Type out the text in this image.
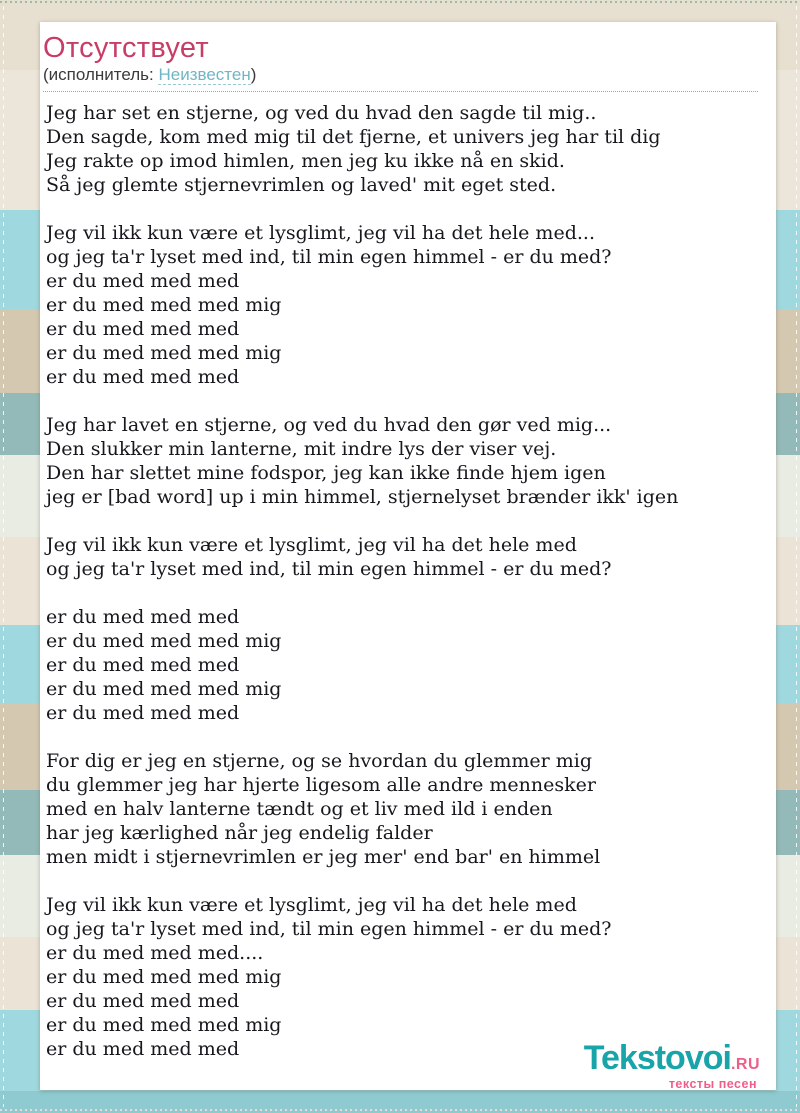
Отсутствует
(исполнитель: Неизвестен)
Jeg har set en stjerne, og ved du hvad den sagde til mig..
Den sagde, kom med mig til det fjerne, et univers jeg har til dig
Jeg rakte op imod himlen, men jeg ku ikke nå en skid.
Så jeg glemte stjernevrimlen og laved' mit eget sted.
Jeg vil ikk kun være et lysglimt, jeg vil ha det hele med...
og jeg ta'r lyset med ind, til min egen himmel - er du med?
er du med med med
er du med med med mig
er du med med med
er du med med med mig
er du med med med
Jeg har lavet en stjerne, og ved du hvad den gør ved mig...
Den slukker min lanterne, mit indre lys der viser vej.
Den har slettet mine fodspor, jeg kan ikke finde hjem igen
jeg er [bad word] up i min himmel, stjernelyset brænder ikk' igen
Jeg vil ikk kun være et lysglimt, jeg vil ha det hele med
og jeg ta'r lyset med ind, til min egen himmel - er du med?
er du med med med
er du med med med mig
er du med med med
er du med med med mig
er du med med med
For dig er jeg en stjerne, og se hvordan du glemmer mig
du glemmer jeg har hjerte ligesom alle andre mennesker
med en halv lanterne tændt og et liv med ild i enden
har jeg kærlighed når jeg endelig falder
men midt i stjernevrimlen er jeg mer' end bar' en himmel
Jeg vil ikk kun være et lysglimt, jeg vil ha det hele med
og jeg ta'r lyset med ind, til min egen himmel - er du med?
er du med med med....
er du med med med mig
er du med med med
er du med med med mig
er du med med med	Tekstovoi.RU
тексты песен
